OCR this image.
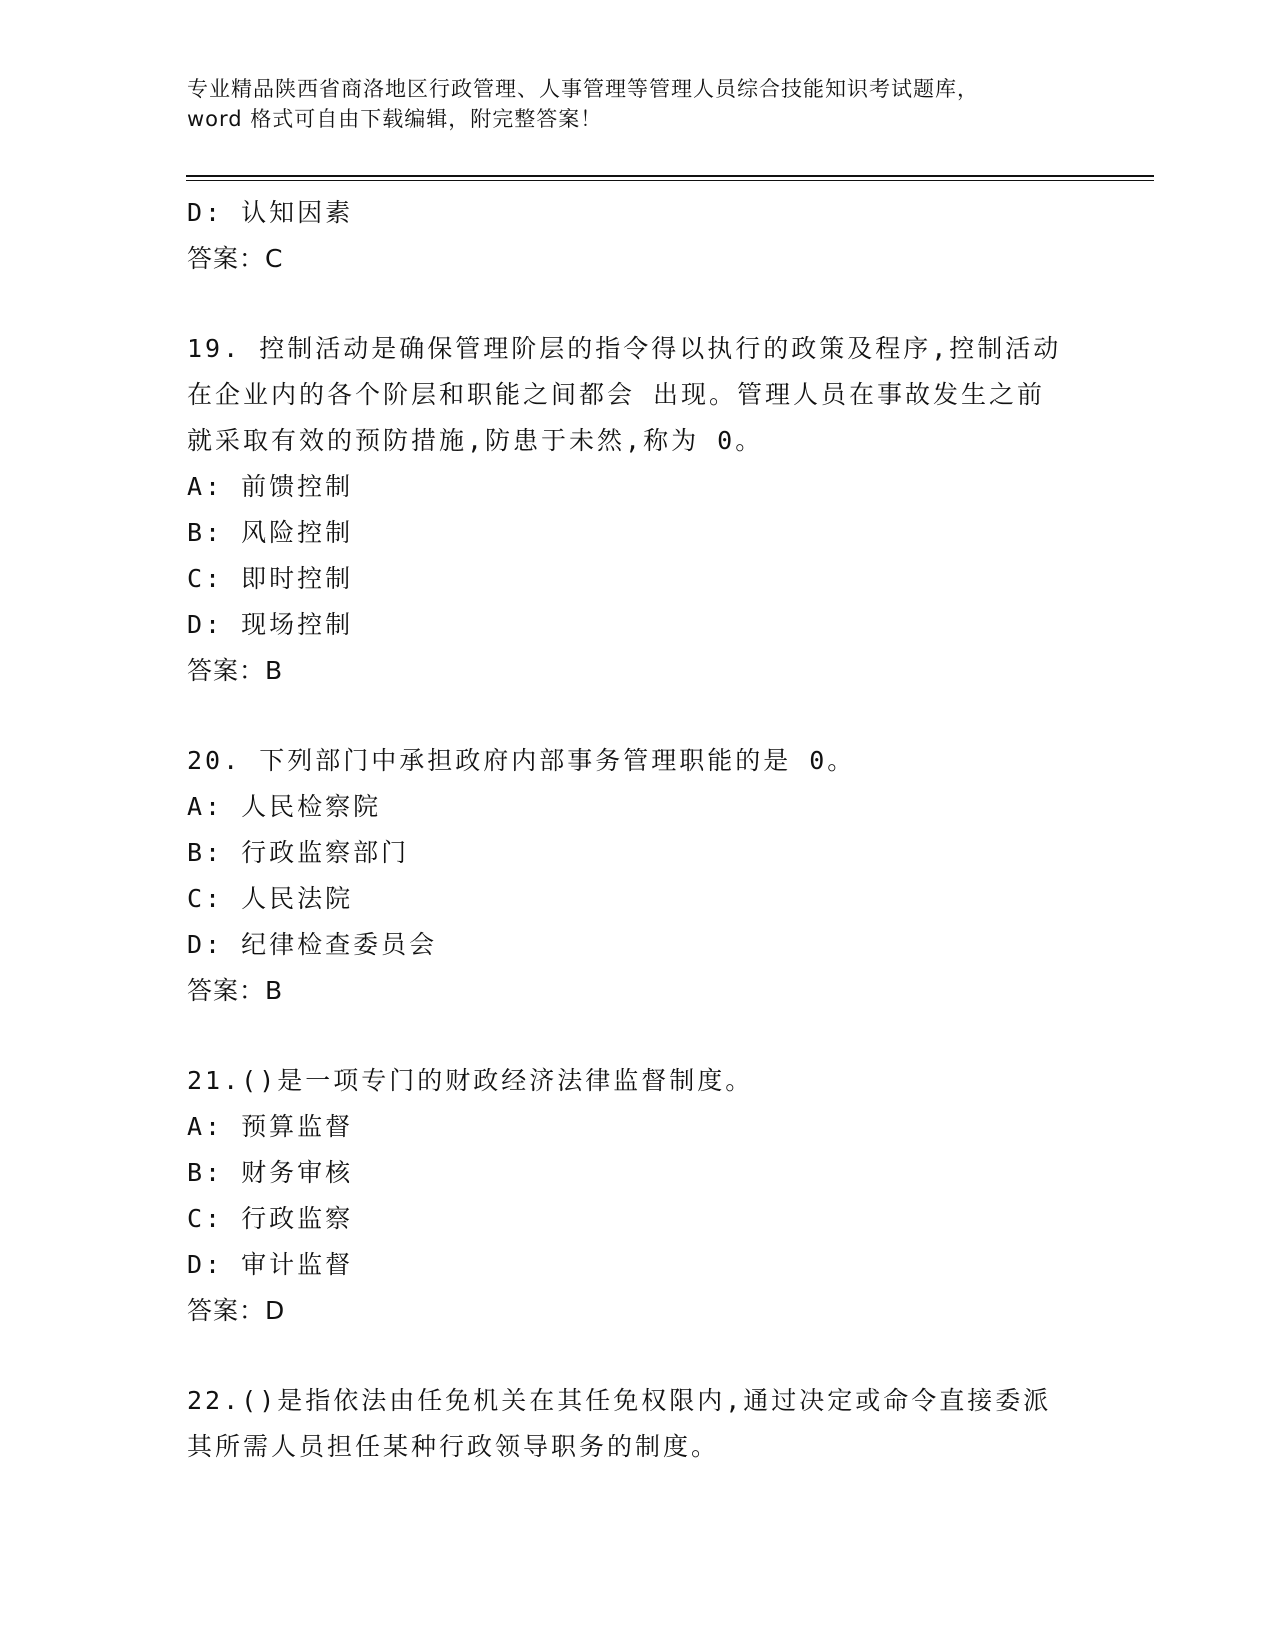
专业精品陕西省商洛地区行政管理、人事管理等管理人员综合技能知识考试题库，
word 格式可自由下载编辑，附完整答案！
D: 认知因素
答案：C
19. 控制活动是确保管理阶层的指令得以执行的政策及程序,控制活动
在企业内的各个阶层和职能之间都会 出现。管理人员在事故发生之前
就采取有效的预防措施,防患于未然,称为 0。
A: 前馈控制
B: 风险控制
C: 即时控制
D: 现场控制
答案：B
20. 下列部门中承担政府内部事务管理职能的是 0。
A: 人民检察院
B: 行政监察部门
C: 人民法院
D: 纪律检查委员会
答案：B
21.()是一项专门的财政经济法律监督制度。
A: 预算监督
B: 财务审核
C: 行政监察
D: 审计监督
答案：D
22.()是指依法由任免机关在其任免权限内,通过决定或命令直接委派
其所需人员担任某种行政领导职务的制度。
